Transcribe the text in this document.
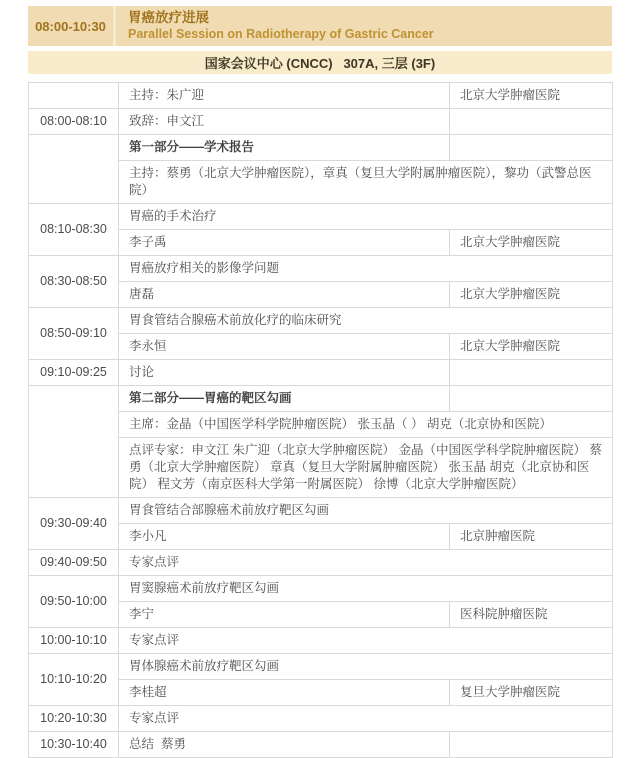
08:00-10:30
胃癌放疗进展
Parallel Session on Radiotherapy of Gastric Cancer
国家会议中心 (CNCC)   307A, 三层 (3F)
	主持：朱广迎	北京大学肿瘤医院
08:00-08:10	致辞：申文江	
	第一部分——学术报告	
	主持：蔡勇（北京大学肿瘤医院），章真（复旦大学附属肿瘤医院），黎功（武警总医院）	
08:10-08:30	胃癌的手术治疗	
	李子禹	北京大学肿瘤医院
08:30-08:50	胃癌放疗相关的影像学问题	
	唐磊	北京大学肿瘤医院
08:50-09:10	胃食管结合腺癌术前放化疗的临床研究	
	李永恒	北京大学肿瘤医院
09:10-09:25	讨论	
	第二部分——胃癌的靶区勾画	
	主席：金晶（中国医学科学院肿瘤医院） 张玉晶（ ） 胡克（北京协和医院）	
	点评专家：申文江 朱广迎（北京大学肿瘤医院） 金晶（中国医学科学院肿瘤医院） 蔡勇（北京大学肿瘤医院） 章真（复旦大学附属肿瘤医院） 张玉晶 胡克（北京协和医院） 程文芳（南京医科大学第一附属医院） 徐博（北京大学肿瘤医院）	
09:30-09:40	胃食管结合部腺癌术前放疗靶区勾画	
	李小凡	北京肿瘤医院
09:40-09:50	专家点评	
09:50-10:00	胃窦腺癌术前放疗靶区勾画	
	李宁	医科院肿瘤医院
10:00-10:10	专家点评	
10:10-10:20	胃体腺癌术前放疗靶区勾画	
	李桂超	复旦大学肿瘤医院
10:20-10:30	专家点评	
10:30-10:40	总结  蔡勇	
